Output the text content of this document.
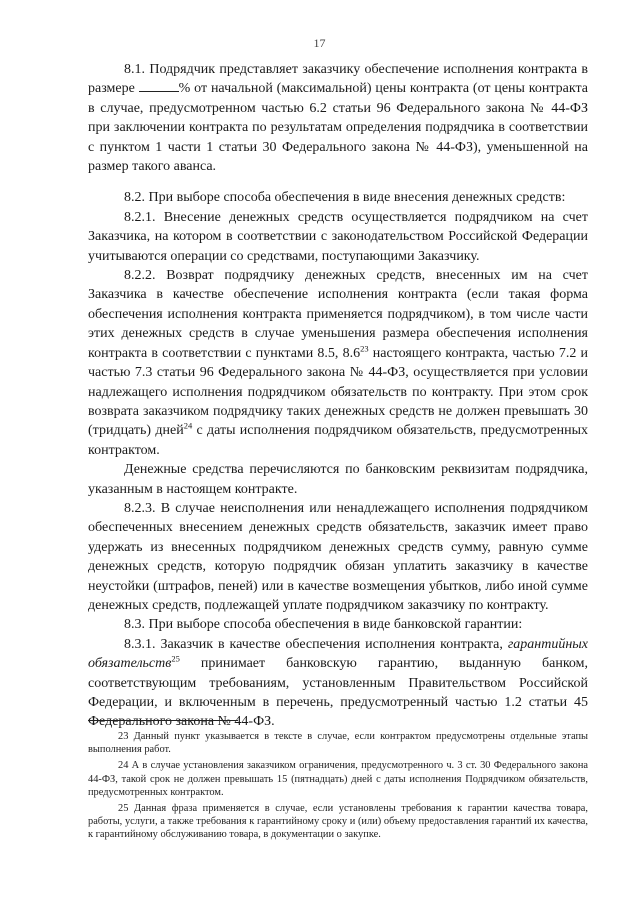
17

8.1. Подрядчик представляет заказчику обеспечение исполнения контракта в размере	% от начальной (максимальной) цены контракта (от цены контракта в случае, предусмотренном частью 6.2 статьи 96 Федерального закона № 44-ФЗ при заключении контракта по результатам определения подрядчика в соответствии с пунктом 1 части 1 статьи 30 Федерального закона № 44-ФЗ), уменьшенной на размер такого аванса.

8.2. При выборе способа обеспечения в виде внесения денежных средств:

8.2.1. Внесение денежных средств осуществляется подрядчиком на счет Заказчика, на котором в соответствии с законодательством Российской Федерации учитываются операции со средствами, поступающими Заказчику.

8.2.2. Возврат подрядчику денежных средств, внесенных им на счет Заказчика в качестве обеспечение исполнения контракта (если такая форма обеспечения исполнения контракта применяется подрядчиком), в том числе части этих денежных средств в случае уменьшения размера обеспечения исполнения контракта в соответствии с пунктами 8.5, $8.6^{23}$ настоящего контракта, частью 7.2 и частью 7.3 статьи 96 Федерального закона № 44-ФЗ, осуществляется при условии надлежащего исполнения подрядчиком обязательств по контракту. При этом срок возврата заказчиком подрядчику таких денежных средств не должен превышать 30 (тридцать) дней$^{24}$ с даты исполнения подрядчиком обязательств, предусмотренных контрактом.

Денежные средства перечисляются по банковским реквизитам подрядчика, указанным в настоящем контракте.

8.2.3. В случае неисполнения или ненадлежащего исполнения подрядчиком обеспеченных внесением денежных средств обязательств, заказчик имеет право удержать из внесенных подрядчиком денежных средств сумму, равную сумме денежных средств, которую подрядчик обязан уплатить заказчику в качестве неустойки (штрафов, пеней) или в качестве возмещения убытков, либо иной сумме денежных средств, подлежащей уплате подрядчиком заказчику по контракту.

8.3. При выборе способа обеспечения в виде банковской гарантии:

8.3.1. Заказчик в качестве обеспечения исполнения контракта, гарантийных обязательств$^{25}$ принимает банковскую гарантию, выданную банком, соответствующим требованиям, установленным Правительством Российской Федерации, и включенным в перечень, предусмотренный частью 1.2 статьи 45 Федерального закона № 44-ФЗ.

23 Данный пункт указывается в тексте в случае, если контрактом предусмотрены отдельные этапы выполнения работ.

24 А в случае установления заказчиком ограничения, предусмотренного ч. 3 ст. 30 Федерального закона 44-ФЗ, такой срок не должен превышать 15 (пятнадцать) дней с даты исполнения Подрядчиком обязательств, предусмотренных контрактом.

25 Данная фраза применяется в случае, если установлены требования к гарантии качества товара, работы, услуги, а также требования к гарантийному сроку и (или) объему предоставления гарантий их качества, к гарантийному обслуживанию товара, в документации о закупке.
